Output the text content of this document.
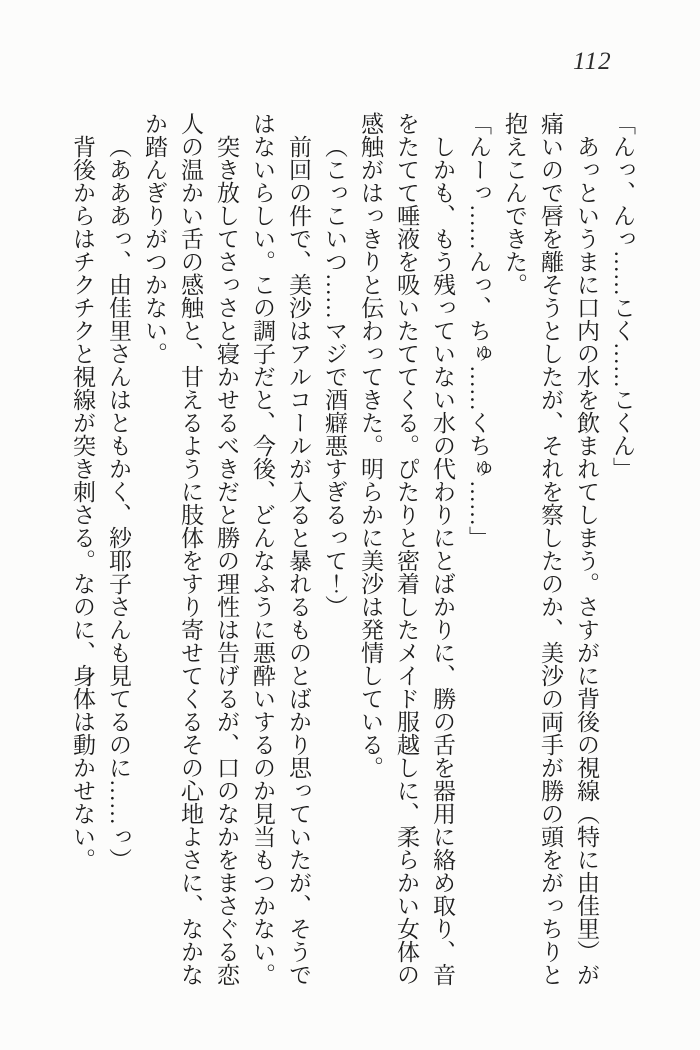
112

「んっ、んっ……こく……こくん」

あっというまに口内の水を飲まれてしまう。さすがに背後の視線（特に由佳里）が痛いので唇を離そうとしたが、それを察したのか、美沙の両手が勝の頭をがっちりと抱えこんできた。

「んーっ……んっ、ちゅ……くちゅ……」

しかも、もう残っていない水の代わりにとばかりに、勝の舌を器用に絡め取り、音をたてて唾液を吸いたててくる。ぴたりと密着したメイド服越しに、柔らかい女体の感触がはっきりと伝わってきた。明らかに美沙は発情している。

（こっこいつ……マジで酒癖悪すぎるって！）

前回の件で、美沙はアルコールが入ると暴れるものとばかり思っていたが、そうではないらしい。この調子だと、今後、どんなふうに悪酔いするのか見当もつかない。

突き放してさっさと寝かせるべきだと勝の理性は告げるが、口のなかをまさぐる恋人の温かい舌の感触と、甘えるように肢体をすり寄せてくるその心地よさに、なかなか踏んぎりがつかない。

（あああっ、由佳里さんはともかく、紗耶子さんも見てるのに……っ）

背後からはチクチクと視線が突き刺さる。なのに、身体は動かせない。
